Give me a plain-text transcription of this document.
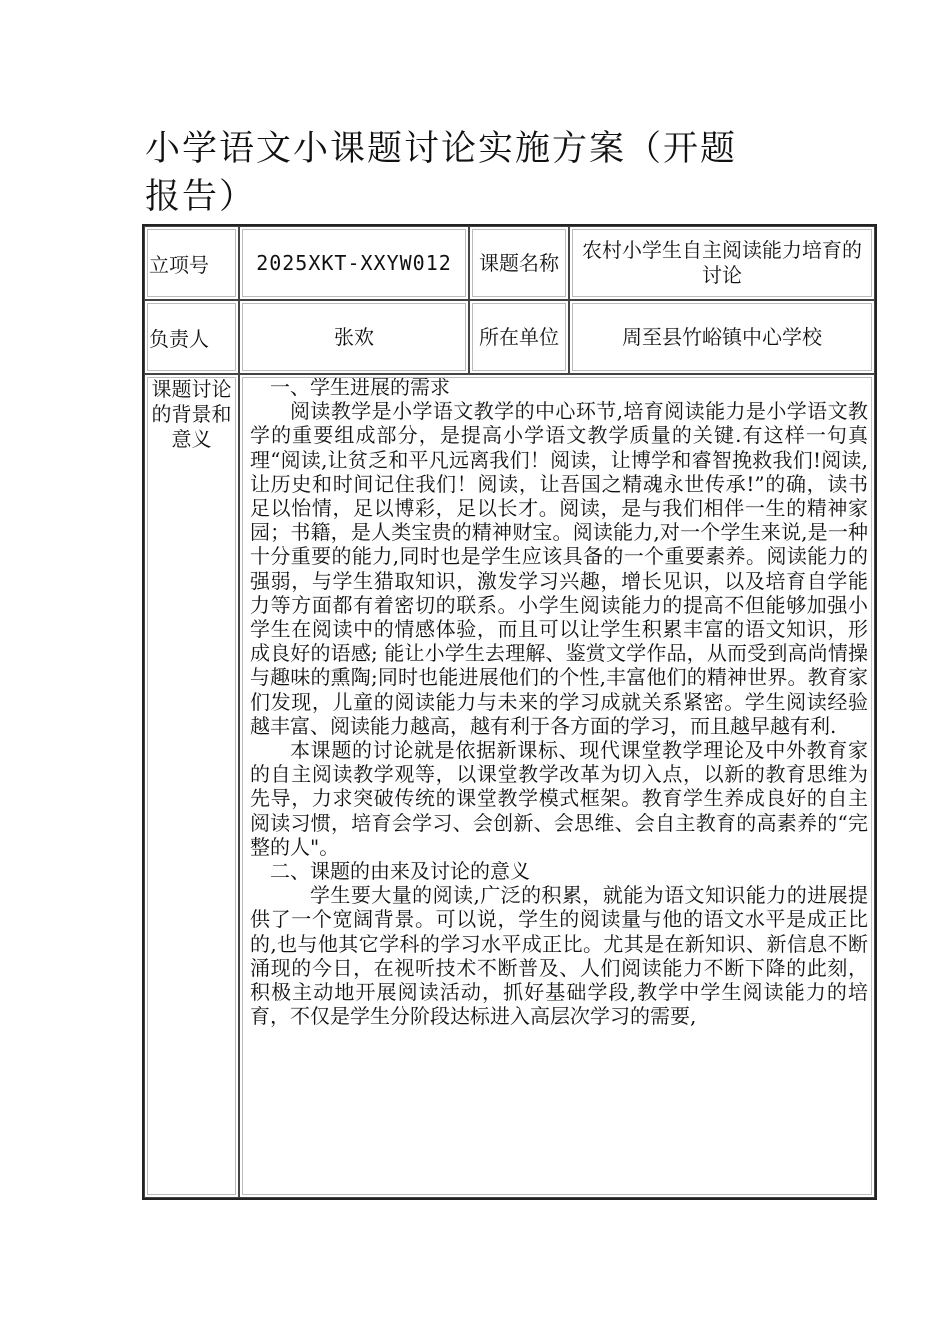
小学语文小课题讨论实施方案（开题报告）
立项号	2025XKT-XXYW012	课题名称	农村小学生自主阅读能力培育的讨论
负责人	张欢	所在单位	周至县竹峪镇中心学校
课题讨论的背景和意义	一、学生进展的需求

阅读教学是小学语文教学的中心环节,培育阅读能力是小学语文教学的重要组成部分，是提高小学语文教学质量的关键.有这样一句真理“阅读,让贫乏和平凡远离我们！阅读，让博学和睿智挽救我们!阅读,让历史和时间记住我们！阅读，让吾国之精魂永世传承!”的确，读书足以怡情，足以博彩，足以长才。阅读，是与我们相伴一生的精神家园；书籍，是人类宝贵的精神财宝。阅读能力,对一个学生来说,是一种十分重要的能力,同时也是学生应该具备的一个重要素养。阅读能力的强弱，与学生猎取知识，激发学习兴趣，增长见识，以及培育自学能力等方面都有着密切的联系。小学生阅读能力的提高不但能够加强小学生在阅读中的情感体验，而且可以让学生积累丰富的语文知识，形成良好的语感; 能让小学生去理解、鉴赏文学作品，从而受到高尚情操与趣味的熏陶;同时也能进展他们的个性,丰富他们的精神世界。教育家们发现，儿童的阅读能力与未来的学习成就关系紧密。学生阅读经验越丰富、阅读能力越高，越有利于各方面的学习，而且越早越有利.

本课题的讨论就是依据新课标、现代课堂教学理论及中外教育家的自主阅读教学观等，以课堂教学改革为切入点，以新的教育思维为先导，力求突破传统的课堂教学模式框架。教育学生养成良好的自主阅读习惯，培育会学习、会创新、会思维、会自主教育的高素养的“完整的人"。

二、课题的由来及讨论的意义

学生要大量的阅读,广泛的积累，就能为语文知识能力的进展提供了一个宽阔背景。可以说，学生的阅读量与他的语文水平是成正比的,也与他其它学科的学习水平成正比。尤其是在新知识、新信息不断涌现的今日，在视听技术不断普及、人们阅读能力不断下降的此刻，积极主动地开展阅读活动，抓好基础学段,教学中学生阅读能力的培育，不仅是学生分阶段达标进入高层次学习的需要,		
